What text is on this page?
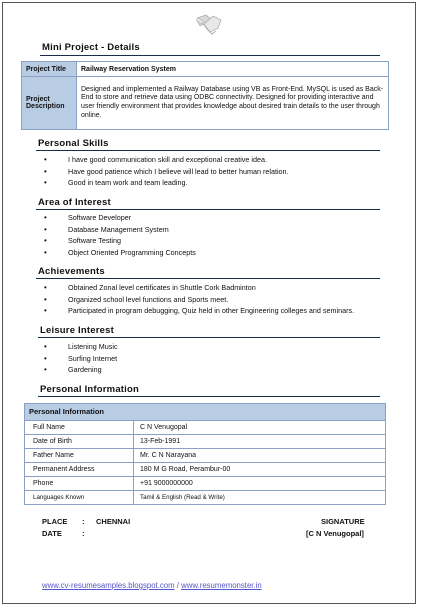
Mini Project - Details
Project Title	Railway Reservation System
Project Description	Designed and implemented a Railway Database using VB as Front-End. MySQL is used as Back-End to store and retrieve data using ODBC connectivity. Designed for providing interactive and user friendly environment that provides knowledge about desired train details to the user through online.
Personal Skills
• I have good communication skill and exceptional creative idea.
• Have good patience which I believe will lead to better human relation.
• Good in team work and team leading.
Area of Interest
• Software Developer
• Database Management System
• Software Testing
• Object Oriented Programming Concepts
Achievements
• Obtained Zonal level certificates in Shuttle Cork Badminton
• Organized school level functions and Sports meet.
• Participated in program debugging, Quiz held in other Engineering colleges and seminars.
Leisure Interest
• Listening Music
• Surfing Internet
• Gardening
Personal Information
Personal Information
Full Name	C N Venugopal
Date of Birth	13-Feb-1991
Father Name	Mr. C N Narayana
Permanent Address	180 M G Road, Perambur-00
Phone	+91 9000000000
Languages Known	Tamil & English (Read & Write)
PLACE : CHENNAI
DATE	:
SIGNATURE
[C N Venugopal]
www.cv-resumesamples.blogspot.com / www.resumemonster.in
